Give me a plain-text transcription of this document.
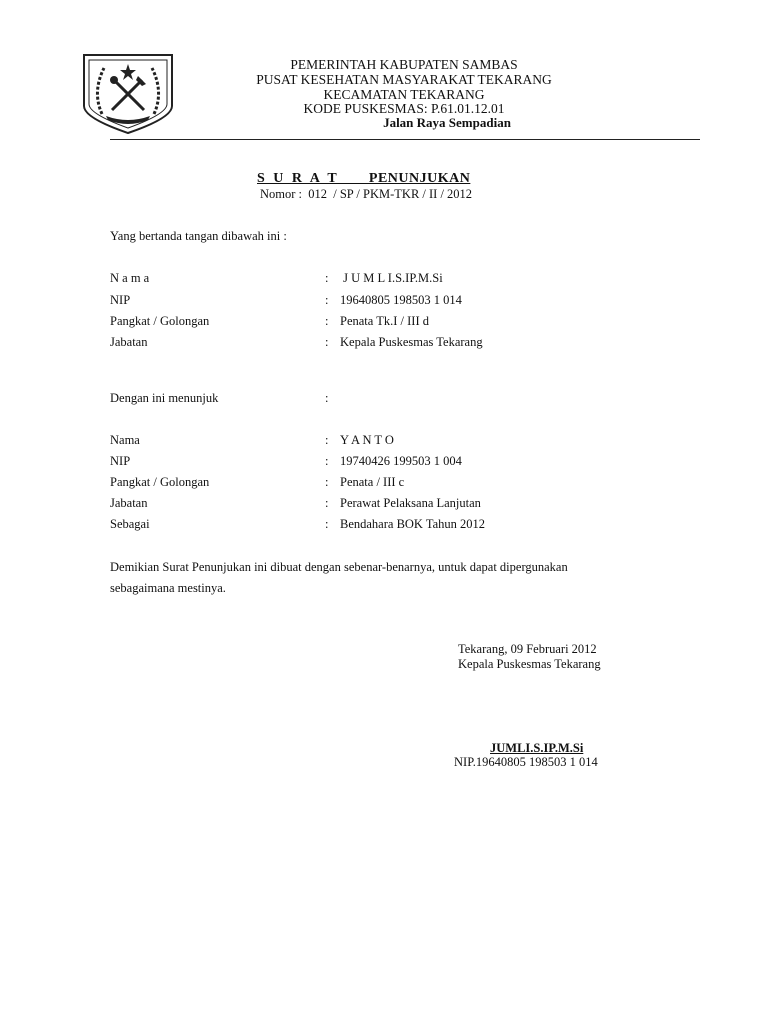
PEMERINTAH KABUPATEN SAMBAS
PUSAT KESEHATAN MASYARAKAT TEKARANG
KECAMATAN TEKARANG
KODE PUSKESMAS: P.61.01.12.01
Jalan Raya Sempadian
S  U  R  A  T        PENUNJUKAN
Nomor :  012  / SP / PKM-TKR / II / 2012
Yang bertanda tangan dibawah ini :
N a m a	: J U M L I.S.IP.M.Si
NIP	: 19640805 198503 1 014
Pangkat / Golongan	: Penata Tk.I / III d
Jabatan	: Kepala Puskesmas Tekarang
Dengan ini menunjuk	:
Nama	: Y A N T O
NIP	: 19740426 199503 1 004
Pangkat / Golongan	: Penata / III c
Jabatan	: Perawat Pelaksana Lanjutan
Sebagai	: Bendahara BOK Tahun 2012
Demikian Surat Penunjukan ini dibuat dengan sebenar-benarnya, untuk dapat dipergunakan
sebagaimana mestinya.
Tekarang, 09 Februari 2012
Kepala Puskesmas Tekarang
JUMLI.S.IP.M.Si
NIP.19640805 198503 1 014
